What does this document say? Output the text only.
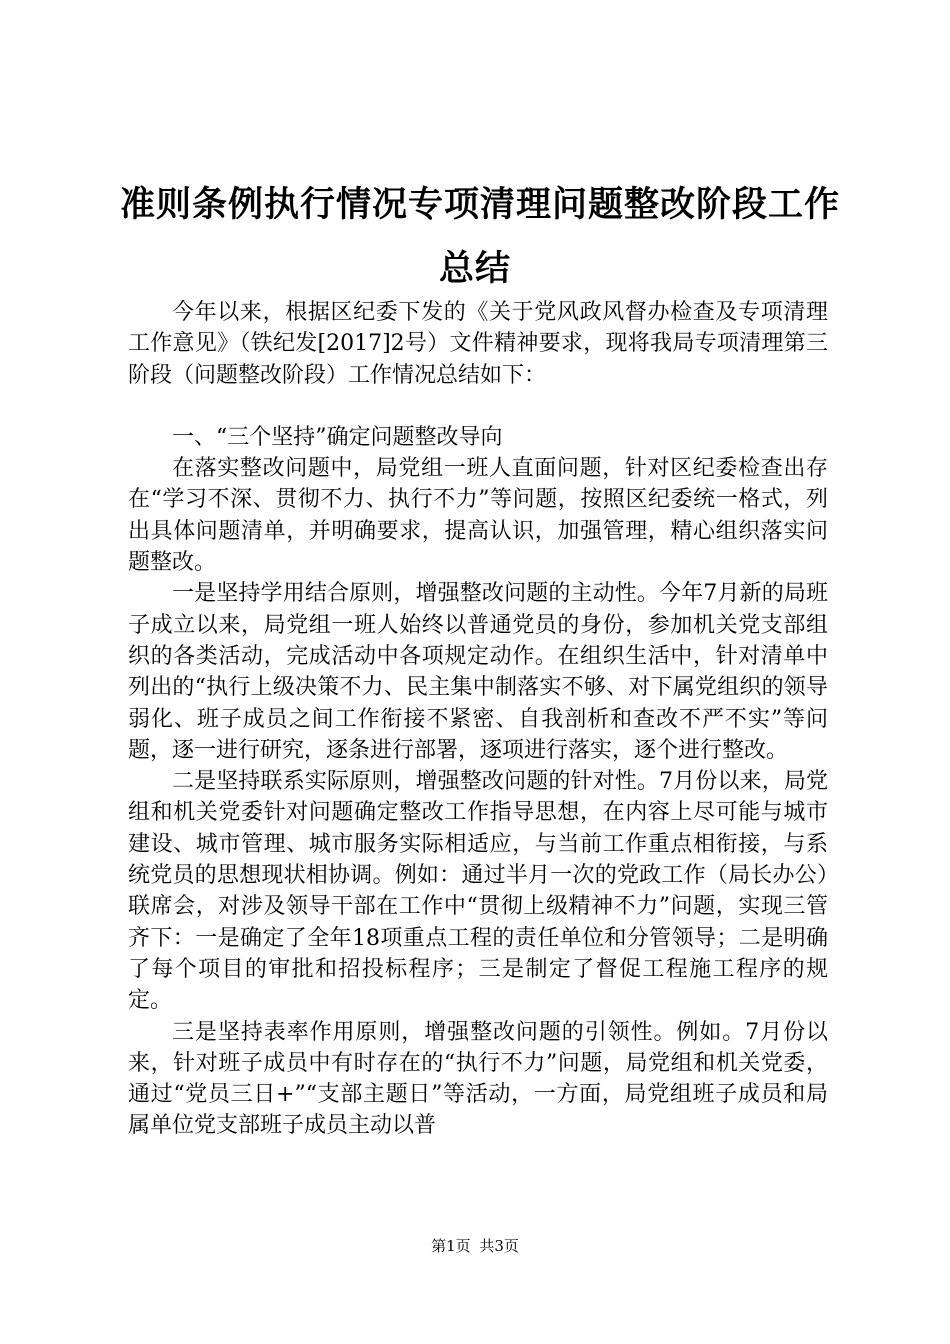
准则条例执行情况专项清理问题整改阶段工作
总结

今年以来，根据区纪委下发的《关于党风政风督办检查及专项清理工作意见》（铁纪发[2017]2号）文件精神要求，现将我局专项清理第三阶段（问题整改阶段）工作情况总结如下：

一、“三个坚持”确定问题整改导向

在落实整改问题中，局党组一班人直面问题，针对区纪委检查出存在“学习不深、贯彻不力、执行不力”等问题，按照区纪委统一格式，列出具体问题清单，并明确要求，提高认识，加强管理，精心组织落实问题整改。

一是坚持学用结合原则，增强整改问题的主动性。今年7月新的局班子成立以来，局党组一班人始终以普通党员的身份，参加机关党支部组织的各类活动，完成活动中各项规定动作。在组织生活中，针对清单中列出的“执行上级决策不力、民主集中制落实不够、对下属党组织的领导弱化、班子成员之间工作衔接不紧密、自我剖析和查改不严不实”等问题，逐一进行研究，逐条进行部署，逐项进行落实，逐个进行整改。

二是坚持联系实际原则，增强整改问题的针对性。7月份以来，局党组和机关党委针对问题确定整改工作指导思想，在内容上尽可能与城市建设、城市管理、城市服务实际相适应，与当前工作重点相衔接，与系统党员的思想现状相协调。例如：通过半月一次的党政工作（局长办公）联席会，对涉及领导干部在工作中“贯彻上级精神不力”问题，实现三管齐下：一是确定了全年18项重点工程的责任单位和分管领导；二是明确了每个项目的审批和招投标程序；三是制定了督促工程施工程序的规定。

三是坚持表率作用原则，增强整改问题的引领性。例如。7月份以来，针对班子成员中有时存在的“执行不力”问题，局党组和机关党委，通过“党员三日+”“支部主题日”等活动，一方面，局党组班子成员和局属单位党支部班子成员主动以普

第1页 共3页
